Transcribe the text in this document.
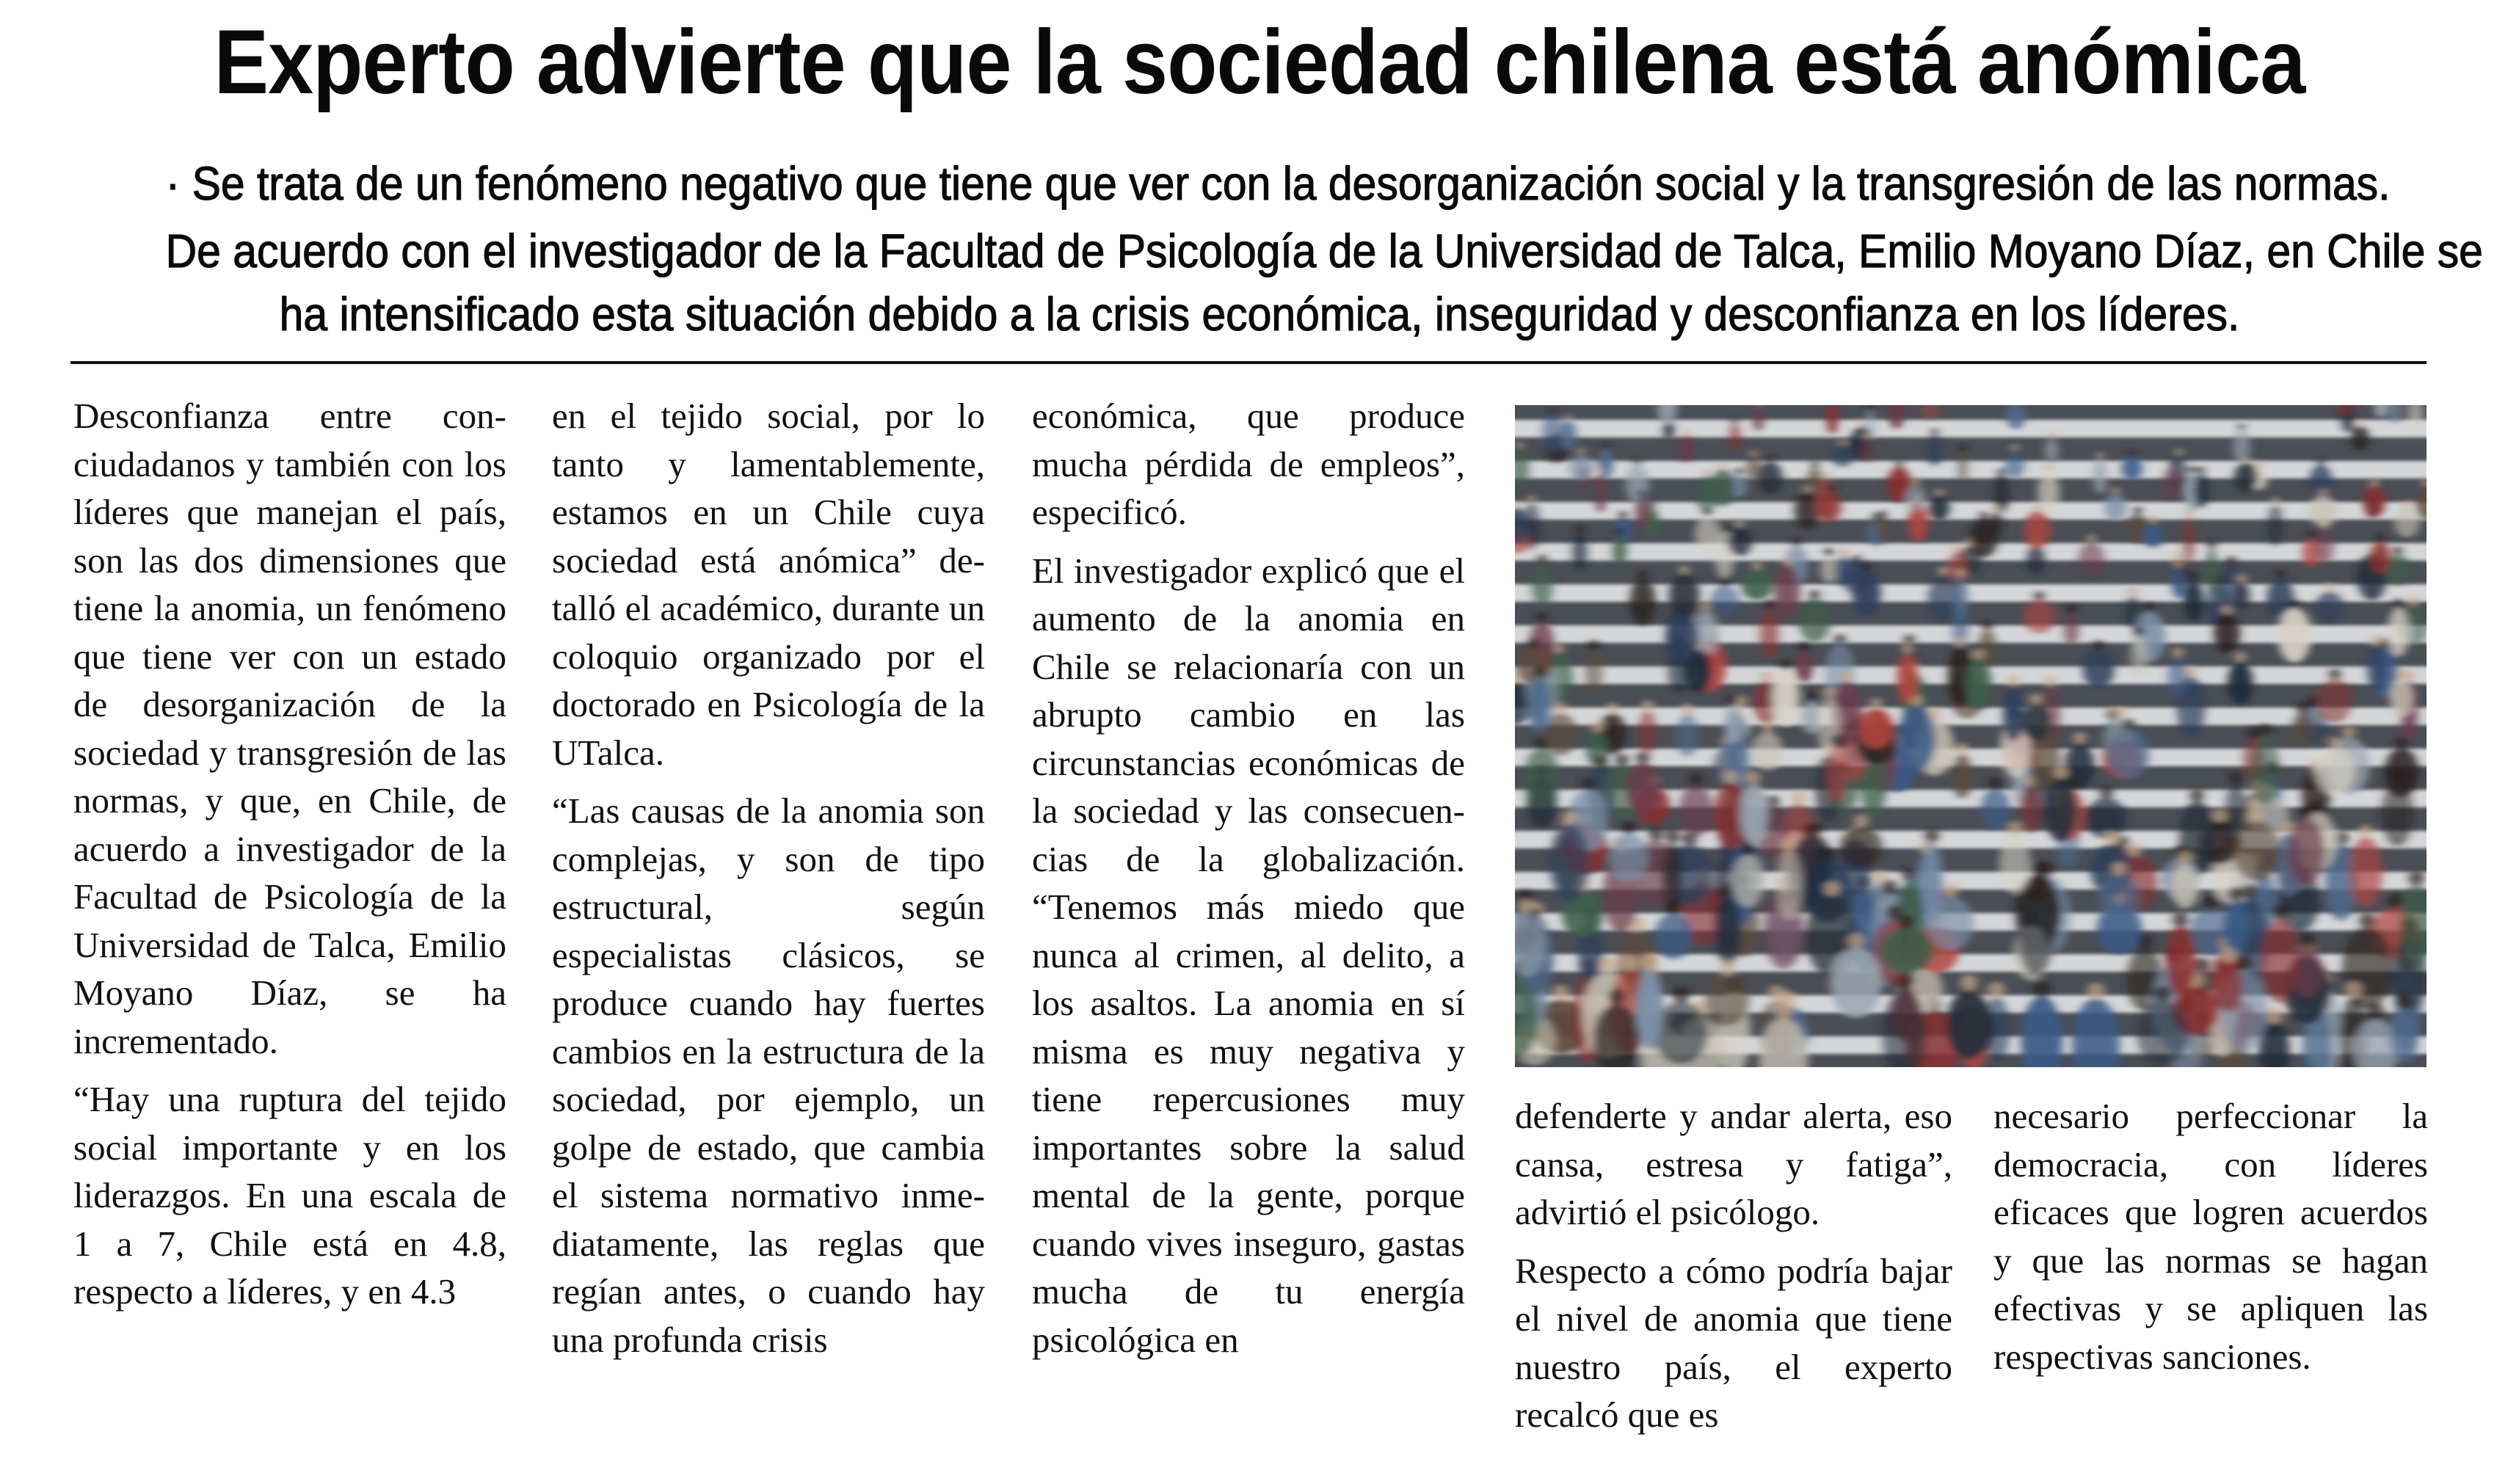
Experto advierte que la sociedad chilena está anómica

· Se trata de un fenómeno negativo que tiene que ver con la desorganización social y la transgresión de las normas.

De acuerdo con el investigador de la Facultad de Psicología de la Universidad de Talca, Emilio Moyano Díaz, en Chile se

ha intensificado esta situación debido a la crisis económica, inseguridad y desconfianza en los líderes.

Desconfianza entre conciudadanos y también con los líderes que manejan el país, son las dos dimensiones que tiene la anomia, un fenómeno que tiene ver con un estado de desorganización de la sociedad y transgresión de las normas, y que, en Chile, de acuerdo a investigador de la Facultad de Psicología de la Universidad de Talca, Emilio Moyano Díaz, se ha incrementado.

“Hay una ruptura del tejido social importante y en los liderazgos. En una escala de 1 a 7, Chile está en 4.8, respecto a líderes, y en 4.3

en el tejido social, por lo tanto y lamentablemente, estamos en un Chile cuya sociedad está anómica” detalló el académico, durante un coloquio organizado por el doctorado en Psicología de la UTalca.

“Las causas de la anomia son complejas, y son de tipo estructural, según especialistas clásicos, se produce cuando hay fuertes cambios en la estructura de la sociedad, por ejemplo, un golpe de estado, que cambia el sistema normativo inmediatamente, las reglas que regían antes, o cuando hay una profunda crisis

económica, que produce mucha pérdida de empleos”, especificó.

El investigador explicó que el aumento de la anomia en Chile se relacionaría con un abrupto cambio en las circunstancias económicas de la sociedad y las consecuencias de la globalización. “Tenemos más miedo que nunca al crimen, al delito, a los asaltos. La anomia en sí misma es muy negativa y tiene repercusiones muy importantes sobre la salud mental de la gente, porque cuando vives inseguro, gastas mucha de tu energía psicológica en

defenderte y andar alerta, eso cansa, estresa y fatiga”, advirtió el psicólogo.

Respecto a cómo podría bajar el nivel de anomia que tiene nuestro país, el experto recalcó que es

necesario perfeccionar la democracia, con líderes eficaces que logren acuerdos y que las normas se hagan efectivas y se apliquen las respectivas sanciones.
